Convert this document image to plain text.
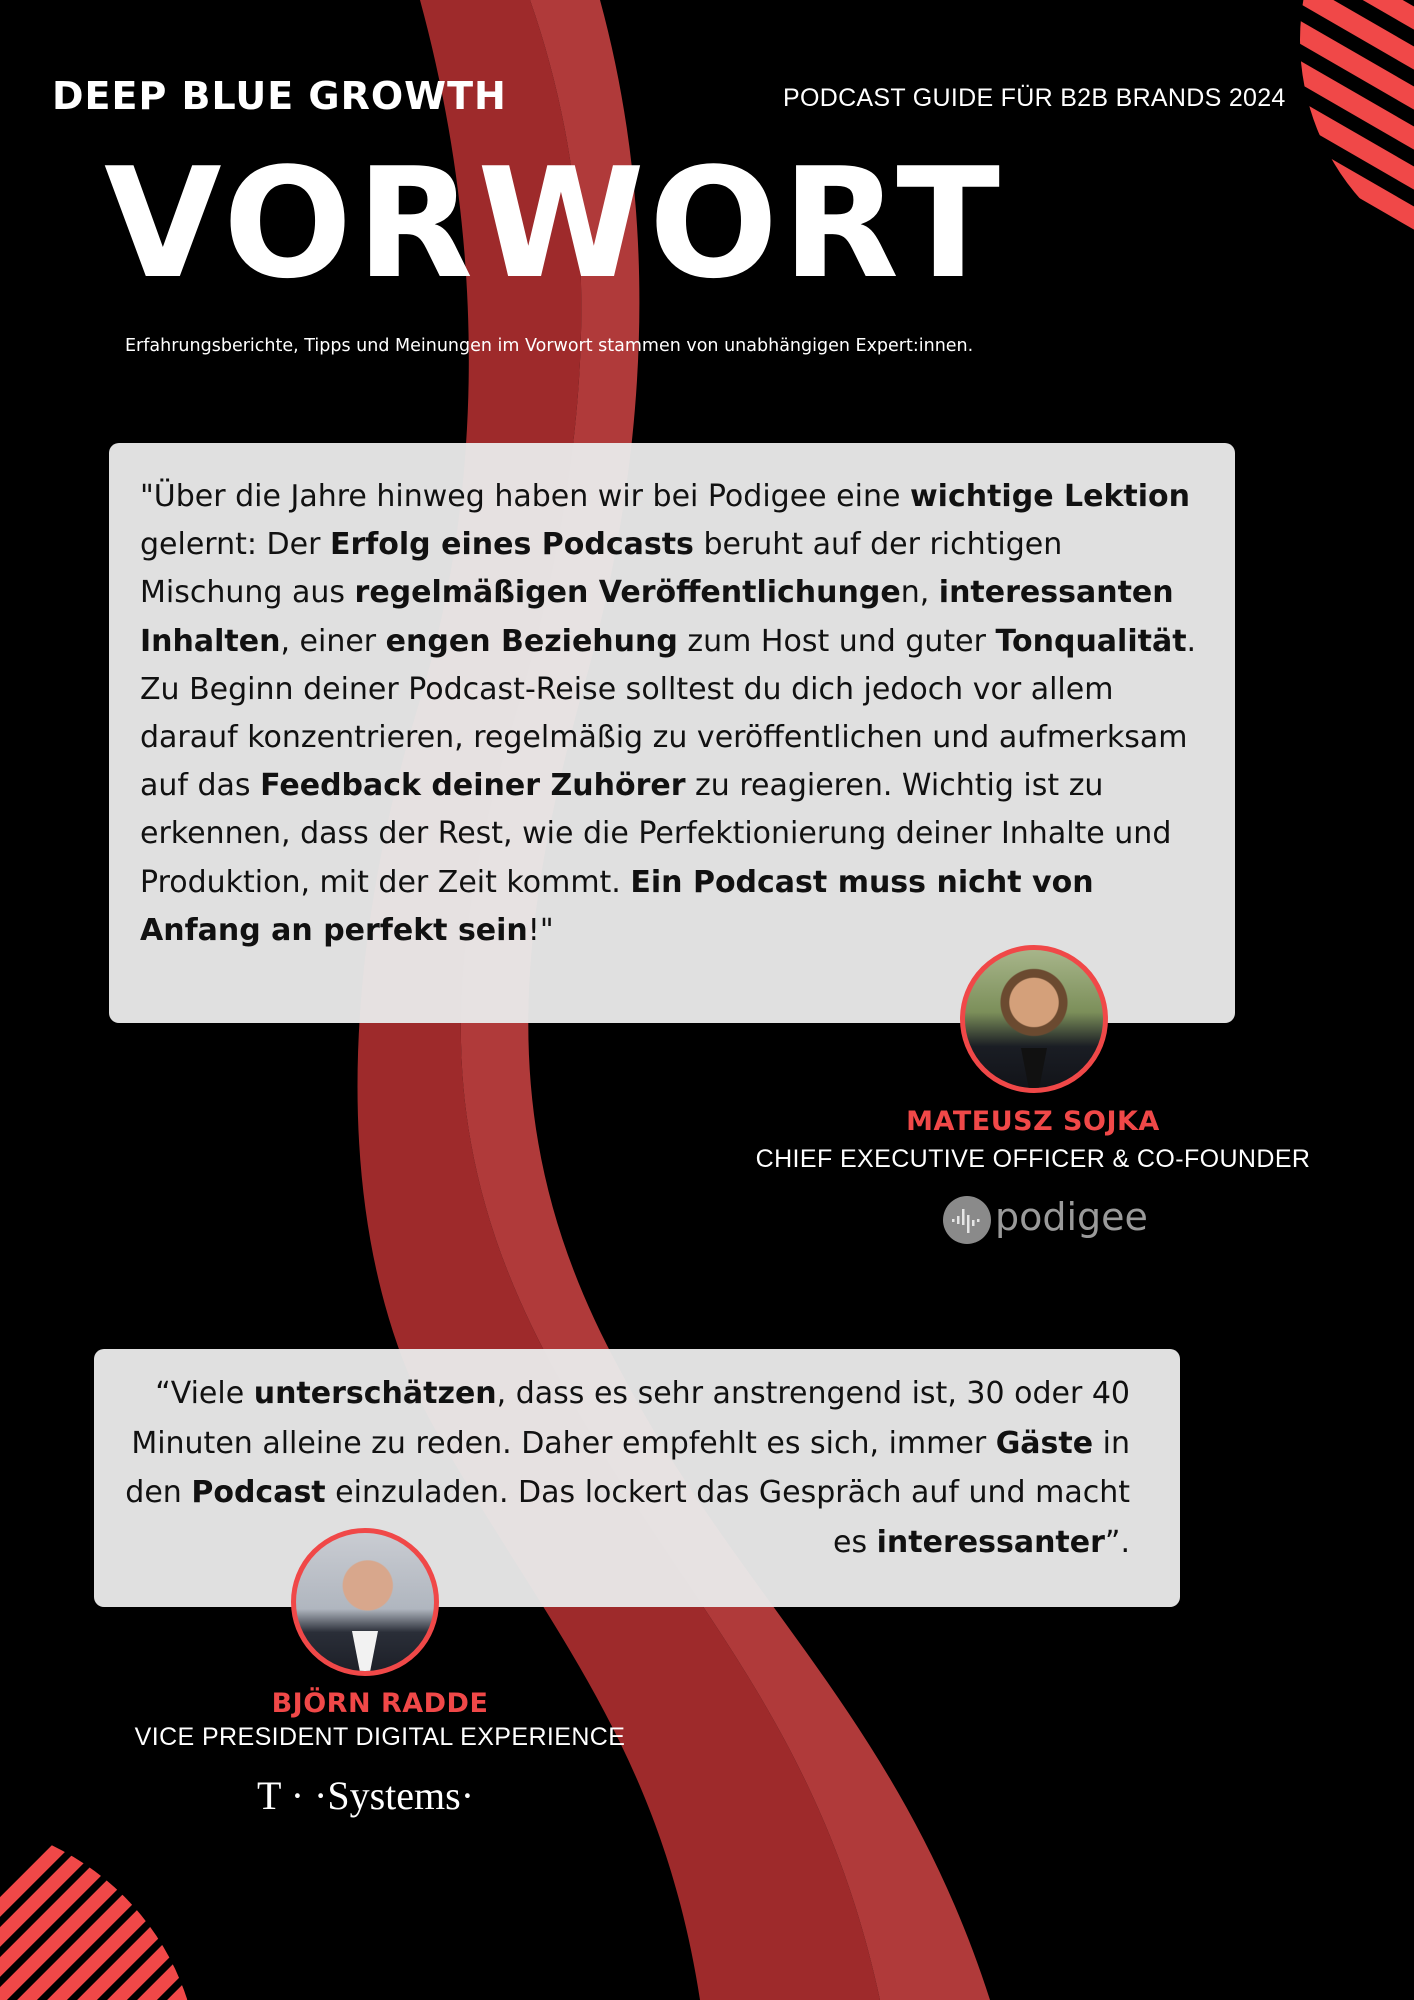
DEEP BLUE GROWTH	PODCAST GUIDE FÜR B2B BRANDS 2024
VORWORT
Erfahrungsberichte, Tipps und Meinungen im Vorwort stammen von unabhängigen Expert:innen.
"Über die Jahre hinweg haben wir bei Podigee eine wichtige Lektion gelernt: Der Erfolg eines Podcasts beruht auf der richtigen Mischung aus regelmäßigen Veröffentlichungen, interessanten Inhalten, einer engen Beziehung zum Host und guter Tonqualität. Zu Beginn deiner Podcast-Reise solltest du dich jedoch vor allem darauf konzentrieren, regelmäßig zu veröffentlichen und aufmerksam auf das Feedback deiner Zuhörer zu reagieren. Wichtig ist zu erkennen, dass der Rest, wie die Perfektionierung deiner Inhalte und Produktion, mit der Zeit kommt. Ein Podcast muss nicht von Anfang an perfekt sein!"
MATEUSZ SOJKA
CHIEF EXECUTIVE OFFICER & CO-FOUNDER
podigee
“Viele unterschätzen, dass es sehr anstrengend ist, 30 oder 40 Minuten alleine zu reden. Daher empfehlt es sich, immer Gäste in den Podcast einzuladen. Das lockert das Gespräch auf und macht es interessanter”.
BJÖRN RADDE
VICE PRESIDENT DIGITAL EXPERIENCE
T · ·Systems·
